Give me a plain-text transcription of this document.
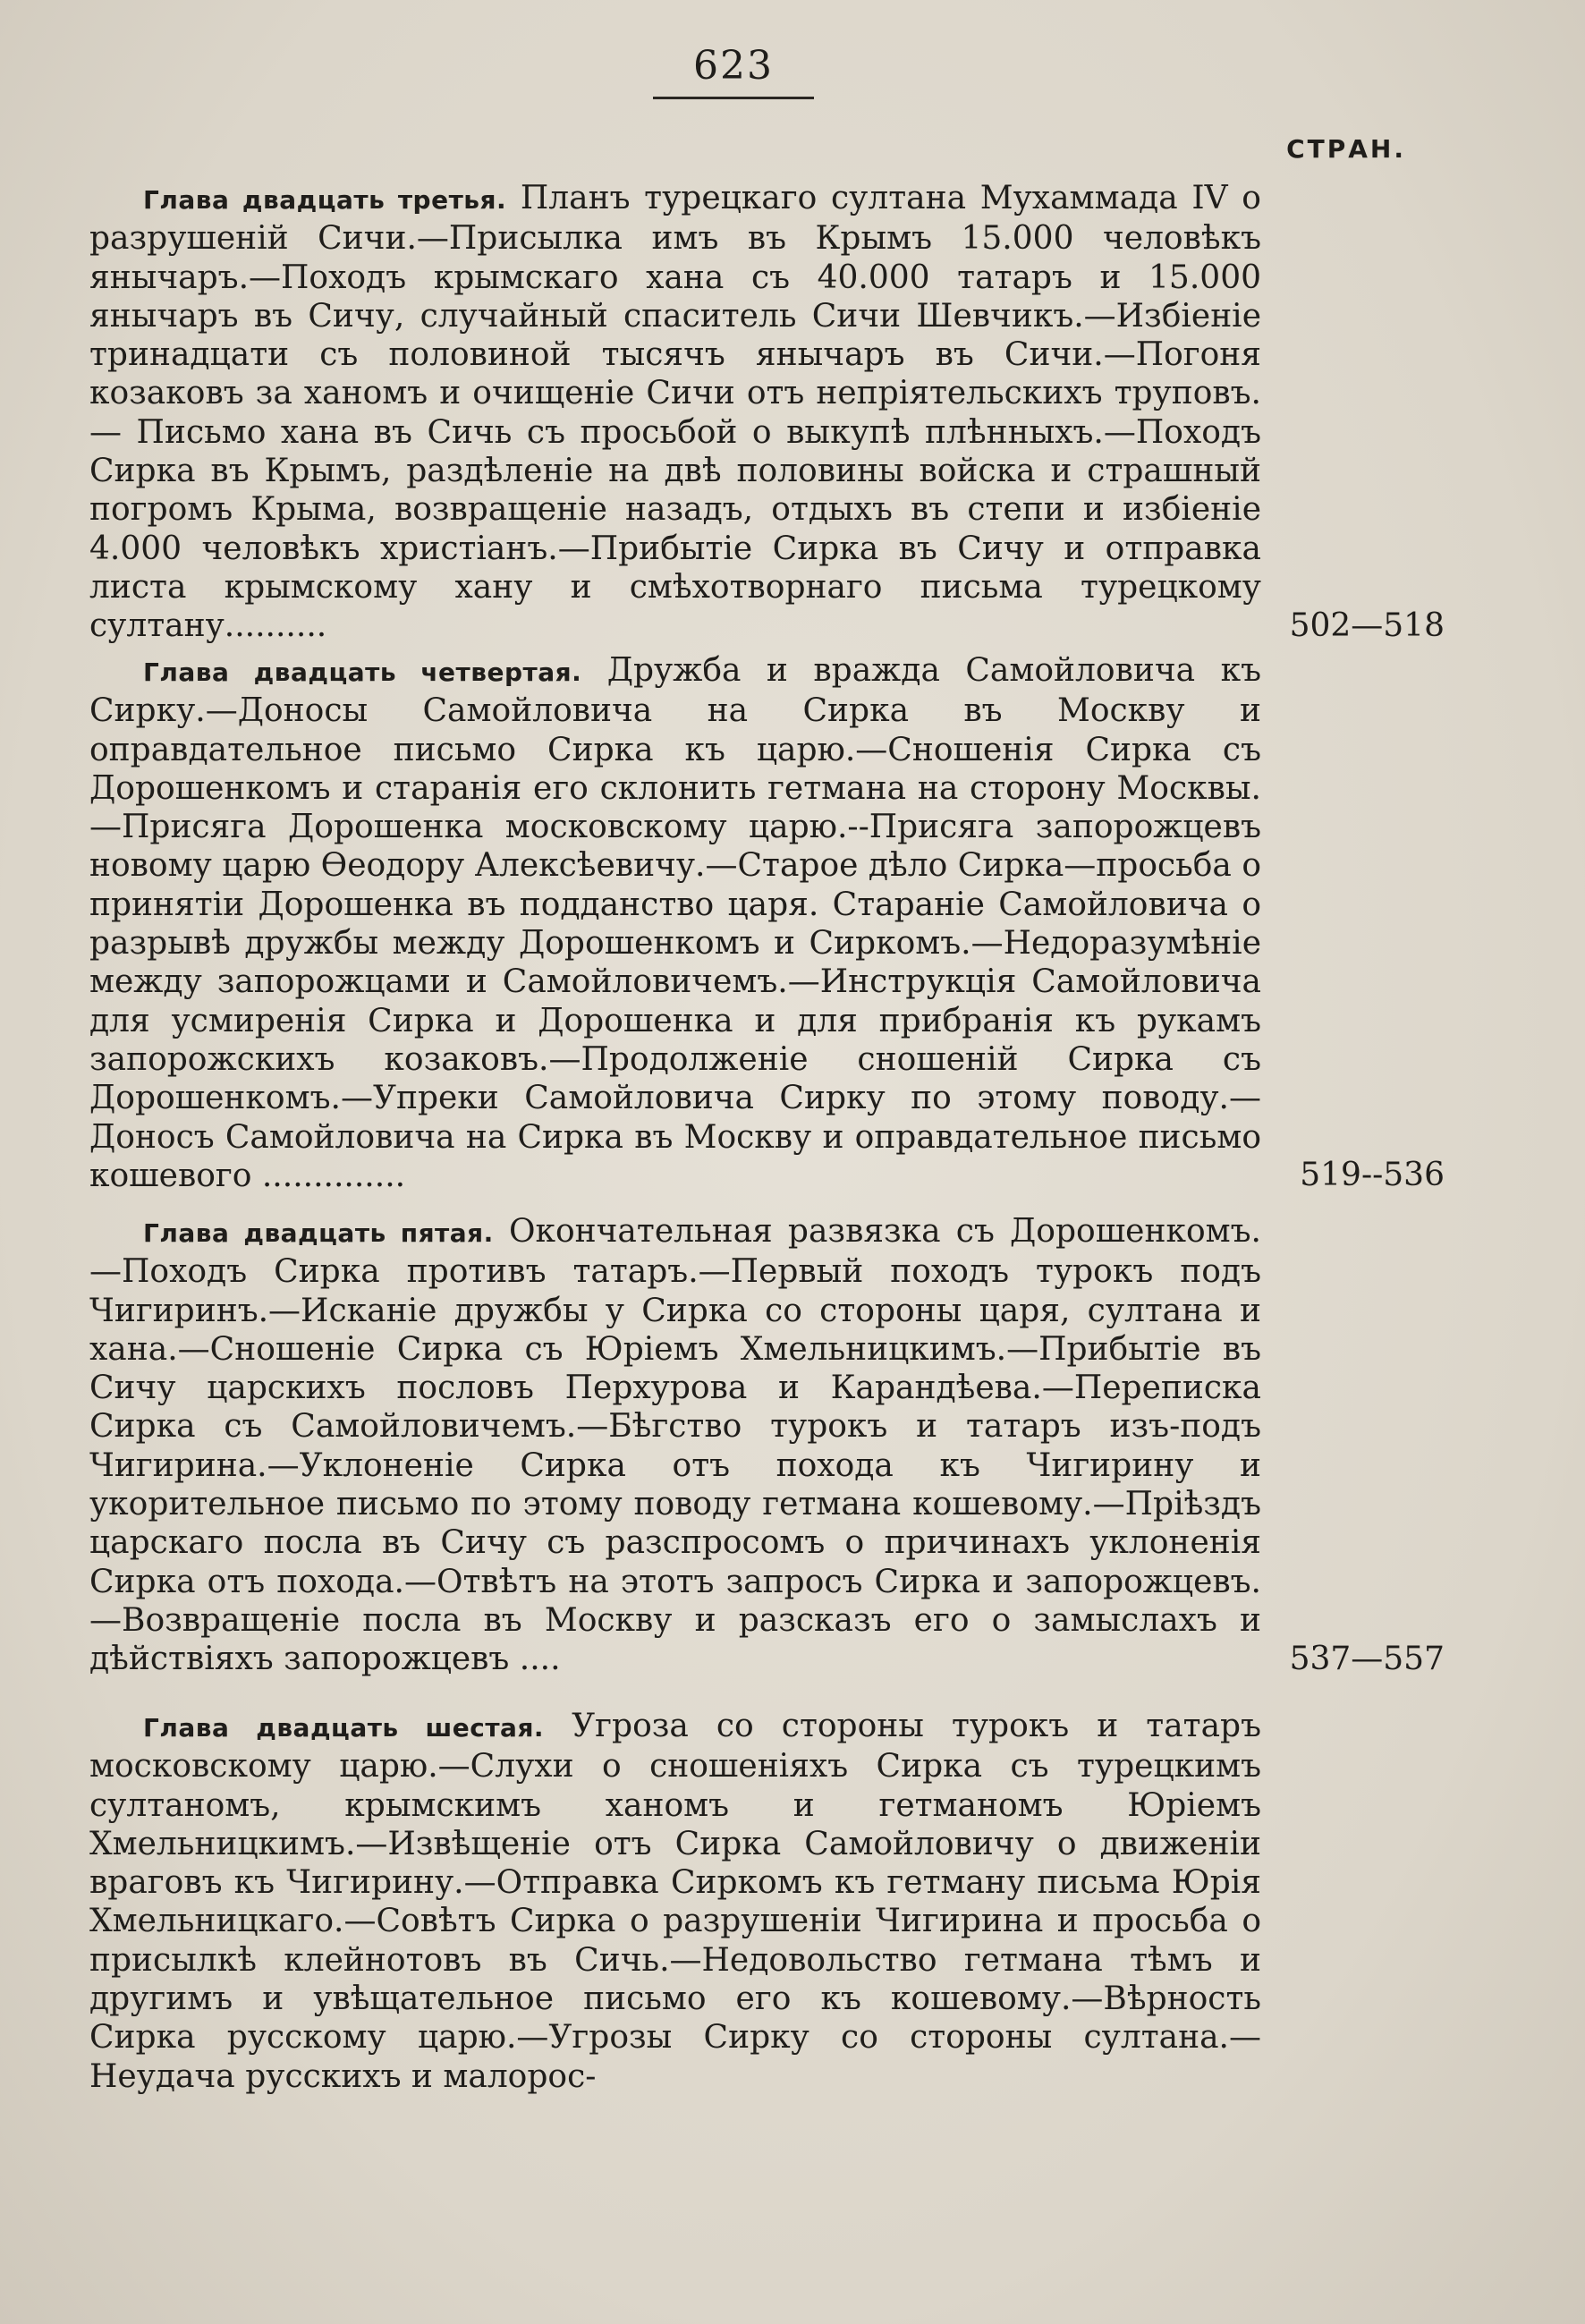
623
СТРАН.

Глава двадцать третья. Планъ турецкаго султана Мухаммада IV о разрушеній Сичи.—Присылка имъ въ Крымъ 15.000 человѣкъ янычаръ.—Походъ крымскаго хана съ 40.000 татаръ и 15.000 янычаръ въ Сичу, случайный спаситель Сичи Шевчикъ.—Избіеніе тринадцати съ половиной тысячъ янычаръ въ Сичи.—Погоня козаковъ за ханомъ и очищеніе Сичи отъ непріятельскихъ труповъ. — Письмо хана въ Сичь съ просьбой о выкупѣ плѣнныхъ.—Походъ Сирка въ Крымъ, раздѣленіе на двѣ половины войска и страшный погромъ Крыма, возвращеніе назадъ, отдыхъ въ степи и избіеніе 4.000 человѣкъ христіанъ.—Прибытіе Сирка въ Сичу и отправка листа крымскому хану и смѣхотворнаго письма турецкому султану..........	502—518

Глава двадцать четвертая. Дружба и вражда Самойловича къ Сирку.—Доносы Самойловича на Сирка въ Москву и оправдательное письмо Сирка къ царю.—Сношенія Сирка съ Дорошенкомъ и старанія его склонить гетмана на сторону Москвы.—Присяга Дорошенка московскому царю.--Присяга запорожцевъ новому царю Ѳеодору Алексѣевичу.—Старое дѣло Сирка—просьба о принятіи Дорошенка въ подданство царя. Стараніе Самойловича о разрывѣ дружбы между Дорошенкомъ и Сиркомъ.—Недоразумѣніе между запорожцами и Самойловичемъ.—Инструкція Самойловича для усмиренія Сирка и Дорошенка и для прибранія къ рукамъ запорожскихъ козаковъ.—Продолженіе сношеній Сирка съ Дорошенкомъ.—Упреки Самойловича Сирку по этому поводу.—Доносъ Самойловича на Сирка въ Москву и оправдательное письмо кошевого ..............	519--536

Глава двадцать пятая. Окончательная развязка съ Дорошенкомъ.—Походъ Сирка противъ татаръ.—Первый походъ турокъ подъ Чигиринъ.—Исканіе дружбы у Сирка со стороны царя, султана и хана.—Сношеніе Сирка съ Юріемъ Хмельницкимъ.—Прибытіе въ Сичу царскихъ пословъ Перхурова и Карандѣева.—Переписка Сирка съ Самойловичемъ.—Бѣгство турокъ и татаръ изъ-подъ Чигирина.—Уклоненіе Сирка отъ похода къ Чигирину и укорительное письмо по этому поводу гетмана кошевому.—Пріѣздъ царскаго посла въ Сичу съ разспросомъ о причинахъ уклоненія Сирка отъ похода.—Отвѣтъ на этотъ запросъ Сирка и запорожцевъ.—Возвращеніе посла въ Москву и разсказъ его о замыслахъ и дѣйствіяхъ запорожцевъ ....	537—557

Глава двадцать шестая. Угроза со стороны турокъ и татаръ московскому царю.—Слухи о сношеніяхъ Сирка съ турецкимъ султаномъ, крымскимъ ханомъ и гетманомъ Юріемъ Хмельницкимъ.—Извѣщеніе отъ Сирка Самойловичу о движеніи враговъ къ Чигирину.—Отправка Сиркомъ къ гетману письма Юрія Хмельницкаго.—Совѣтъ Сирка о разрушеніи Чигирина и просьба о присылкѣ клейнотовъ въ Сичь.—Недовольство гетмана тѣмъ и другимъ и увѣщательное письмо его къ кошевому.—Вѣрность Сирка русскому царю.—Угрозы Сирку со стороны султана.—Неудача русскихъ и малорос-
